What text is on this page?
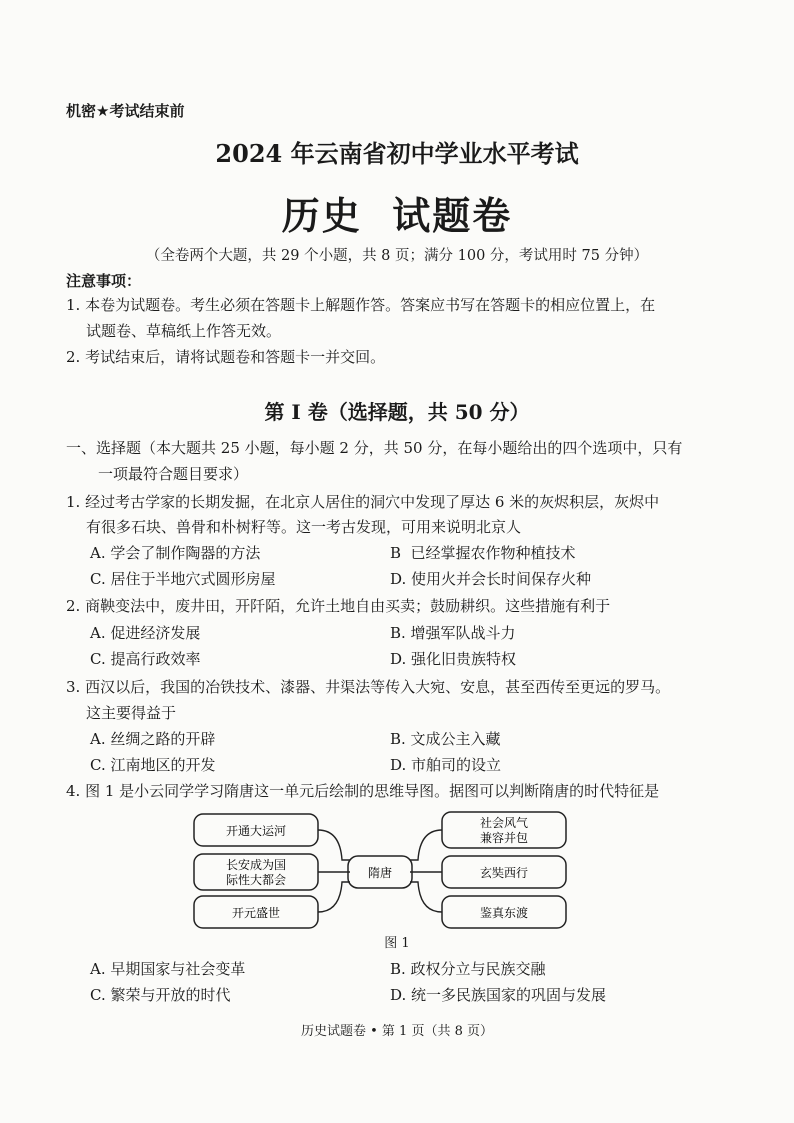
机密★考试结束前
2024 年云南省初中学业水平考试
历史  试题卷
（全卷两个大题，共 29 个小题，共 8 页；满分 100 分，考试用时 75 分钟）
注意事项：
1. 本卷为试题卷。考生必须在答题卡上解题作答。答案应书写在答题卡的相应位置上，在
试题卷、草稿纸上作答无效。
2. 考试结束后，请将试题卷和答题卡一并交回。
第 I 卷（选择题，共 50 分）
一、选择题（本大题共 25 小题，每小题 2 分，共 50 分，在每小题给出的四个选项中，只有
一项最符合题目要求）
1. 经过考古学家的长期发掘，在北京人居住的洞穴中发现了厚达 6 米的灰烬积层，灰烬中
有很多石块、兽骨和朴树籽等。这一考古发现，可用来说明北京人
A. 学会了制作陶器的方法	B  已经掌握农作物种植技术
C. 居住于半地穴式圆形房屋	D. 使用火并会长时间保存火种
2. 商鞅变法中，废井田，开阡陌，允许土地自由买卖；鼓励耕织。这些措施有利于
A. 促进经济发展	B. 增强军队战斗力
C. 提高行政效率	D. 强化旧贵族特权
3. 西汉以后，我国的冶铁技术、漆器、井渠法等传入大宛、安息，甚至西传至更远的罗马。
这主要得益于
A. 丝绸之路的开辟	B. 文成公主入藏
C. 江南地区的开发	D. 市舶司的设立
4. 图 1 是小云同学学习隋唐这一单元后绘制的思维导图。据图可以判断隋唐的时代特征是
隋唐
开通大运河
长安成为国
际性大都会
开元盛世
社会风气
兼容并包
玄奘西行
鉴真东渡
图 1
A. 早期国家与社会变革	B. 政权分立与民族交融
C. 繁荣与开放的时代	D. 统一多民族国家的巩固与发展
历史试题卷 • 第 1 页（共 8 页）
